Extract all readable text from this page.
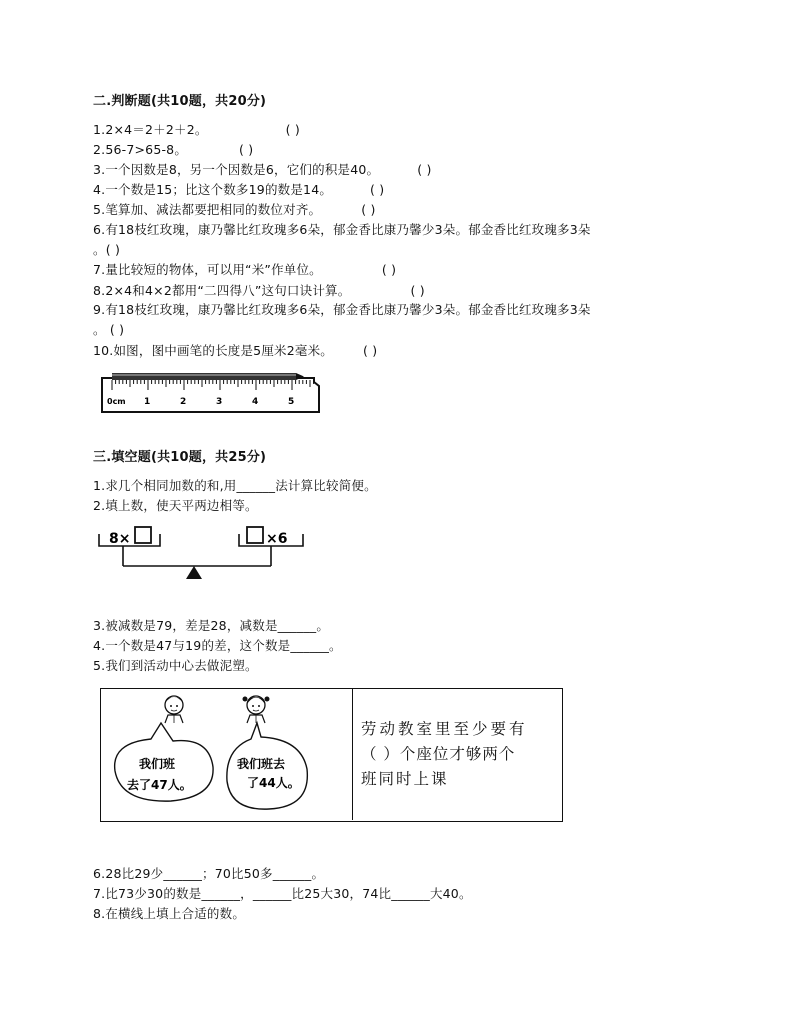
二.判断题(共10题，共20分)
1.2×4＝2＋2＋2。	( )
2.56-7>65-8。	( )
3.一个因数是8，另一个因数是6，它们的积是40。	( )
4.一个数是15；比这个数多19的数是14。	( )
5.笔算加、减法都要把相同的数位对齐。	( )
6.有18枝红玫瑰，康乃馨比红玫瑰多6朵，郁金香比康乃馨少3朵。郁金香比红玫瑰多3朵
。( )
7.量比较短的物体，可以用“米”作单位。	( )
8.2×4和4×2都用“二四得八”这句口诀计算。	( )
9.有18枝红玫瑰，康乃馨比红玫瑰多6朵，郁金香比康乃馨少3朵。郁金香比红玫瑰多3朵
。 ( )
10.如图，图中画笔的长度是5厘米2毫米。 ( )
0cm 1	2	3	4	5
三.填空题(共10题，共25分)
1.求几个相同加数的和,用______法计算比较简便。
2.填上数，使天平两边相等。
8×	×6
3.被减数是79，差是28，减数是______。
4.一个数是47与19的差，这个数是______。
5.我们到活动中心去做泥塑。
我们班
去了47人。
我们班去
了44人。
劳动教室里至少要有
（ ）个座位才够两个
班同时上课
6.28比29少______；70比50多______。
7.比73少30的数是______，______比25大30，74比______大40。
8.在横线上填上合适的数。
